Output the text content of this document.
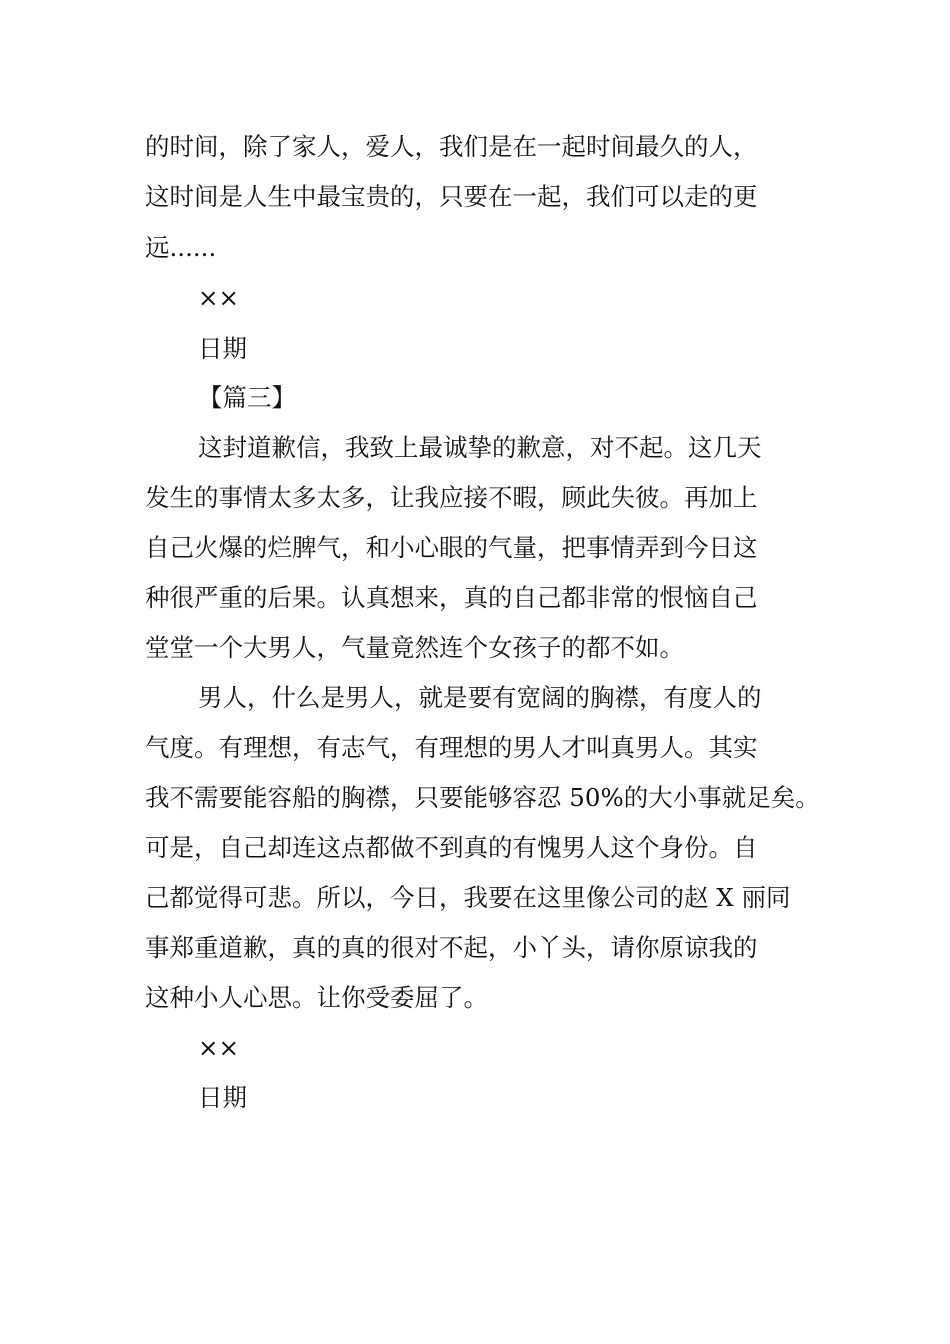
的时间，除了家人，爱人，我们是在一起时间最久的人，
这时间是人生中最宝贵的，只要在一起，我们可以走的更
远......
××
日期
【篇三】
这封道歉信，我致上最诚挚的歉意，对不起。这几天
发生的事情太多太多，让我应接不暇，顾此失彼。再加上
自己火爆的烂脾气，和小心眼的气量，把事情弄到今日这
种很严重的后果。认真想来，真的自己都非常的恨恼自己
堂堂一个大男人，气量竟然连个女孩子的都不如。
男人，什么是男人，就是要有宽阔的胸襟，有度人的
气度。有理想，有志气，有理想的男人才叫真男人。其实
我不需要能容船的胸襟，只要能够容忍 50%的大小事就足矣。
可是，自己却连这点都做不到真的有愧男人这个身份。自
己都觉得可悲。所以，今日，我要在这里像公司的赵 X 丽同
事郑重道歉，真的真的很对不起，小丫头，请你原谅我的
这种小人心思。让你受委屈了。
××
日期
